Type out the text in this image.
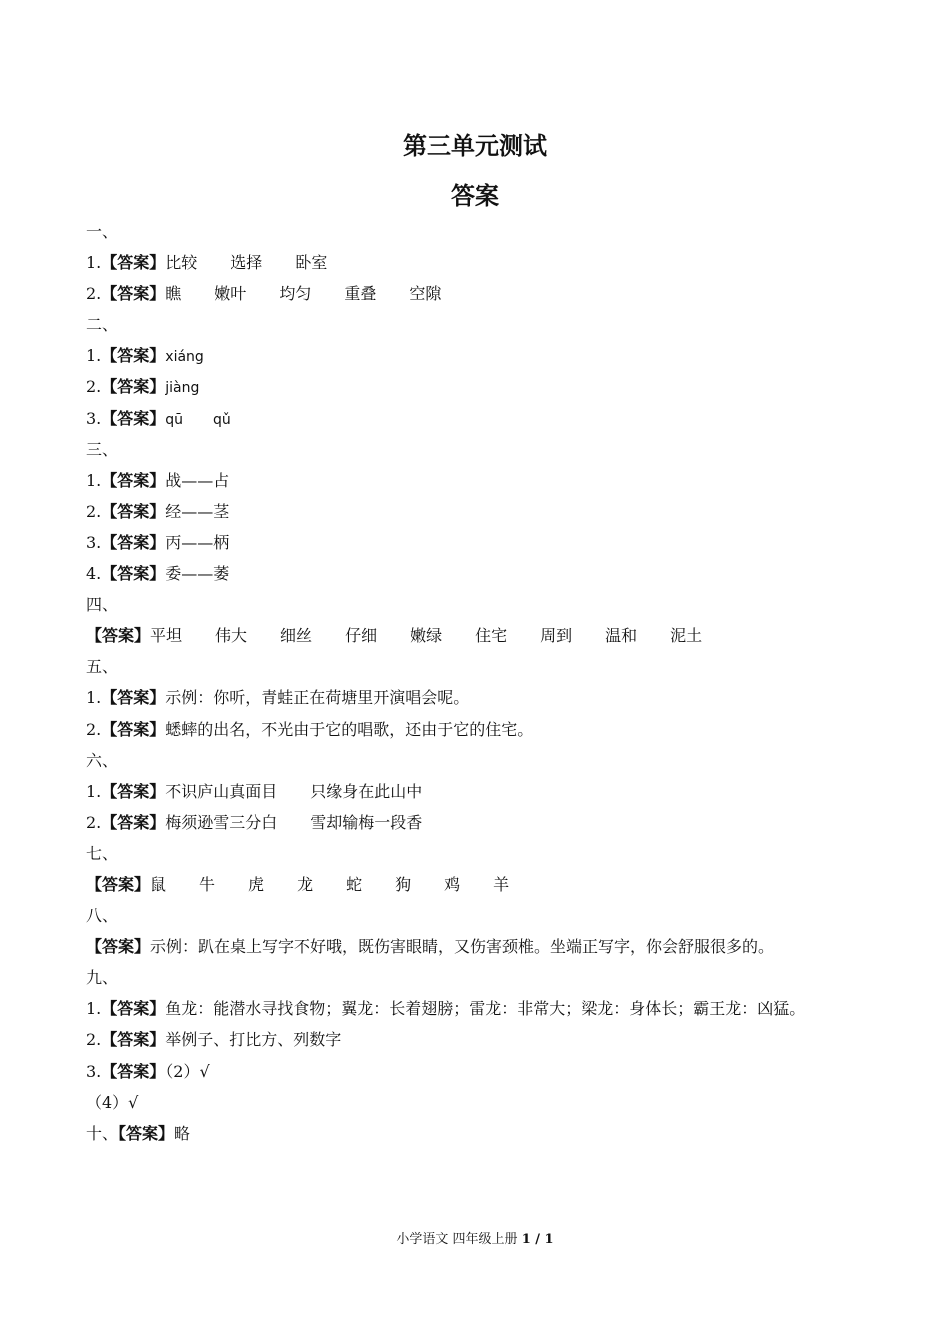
第三单元测试
答案
一、
1.【答案】比较 选择 卧室
2.【答案】瞧 嫩叶 均匀 重叠 空隙
二、
1.【答案】xiáng
2.【答案】jiàng
3.【答案】qū qǔ
三、
1.【答案】战——占
2.【答案】经——茎
3.【答案】丙——柄
4.【答案】委——萎
四、
【答案】平坦 伟大 细丝 仔细 嫩绿 住宅 周到 温和 泥土
五、
1.【答案】示例：你听，青蛙正在荷塘里开演唱会呢。
2.【答案】蟋蟀的出名，不光由于它的唱歌，还由于它的住宅。
六、
1.【答案】不识庐山真面目 只缘身在此山中
2.【答案】梅须逊雪三分白 雪却输梅一段香
七、
【答案】鼠 牛 虎 龙 蛇 狗 鸡 羊
八、
【答案】示例：趴在桌上写字不好哦，既伤害眼睛，又伤害颈椎。坐端正写字，你会舒服很多的。
九、
1.【答案】鱼龙：能潜水寻找食物；翼龙：长着翅膀；雷龙：非常大；梁龙：身体长；霸王龙：凶猛。
2.【答案】举例子、打比方、列数字
3.【答案】（2）√
（4）√
十、【答案】略
小学语文 四年级上册 1 / 1
